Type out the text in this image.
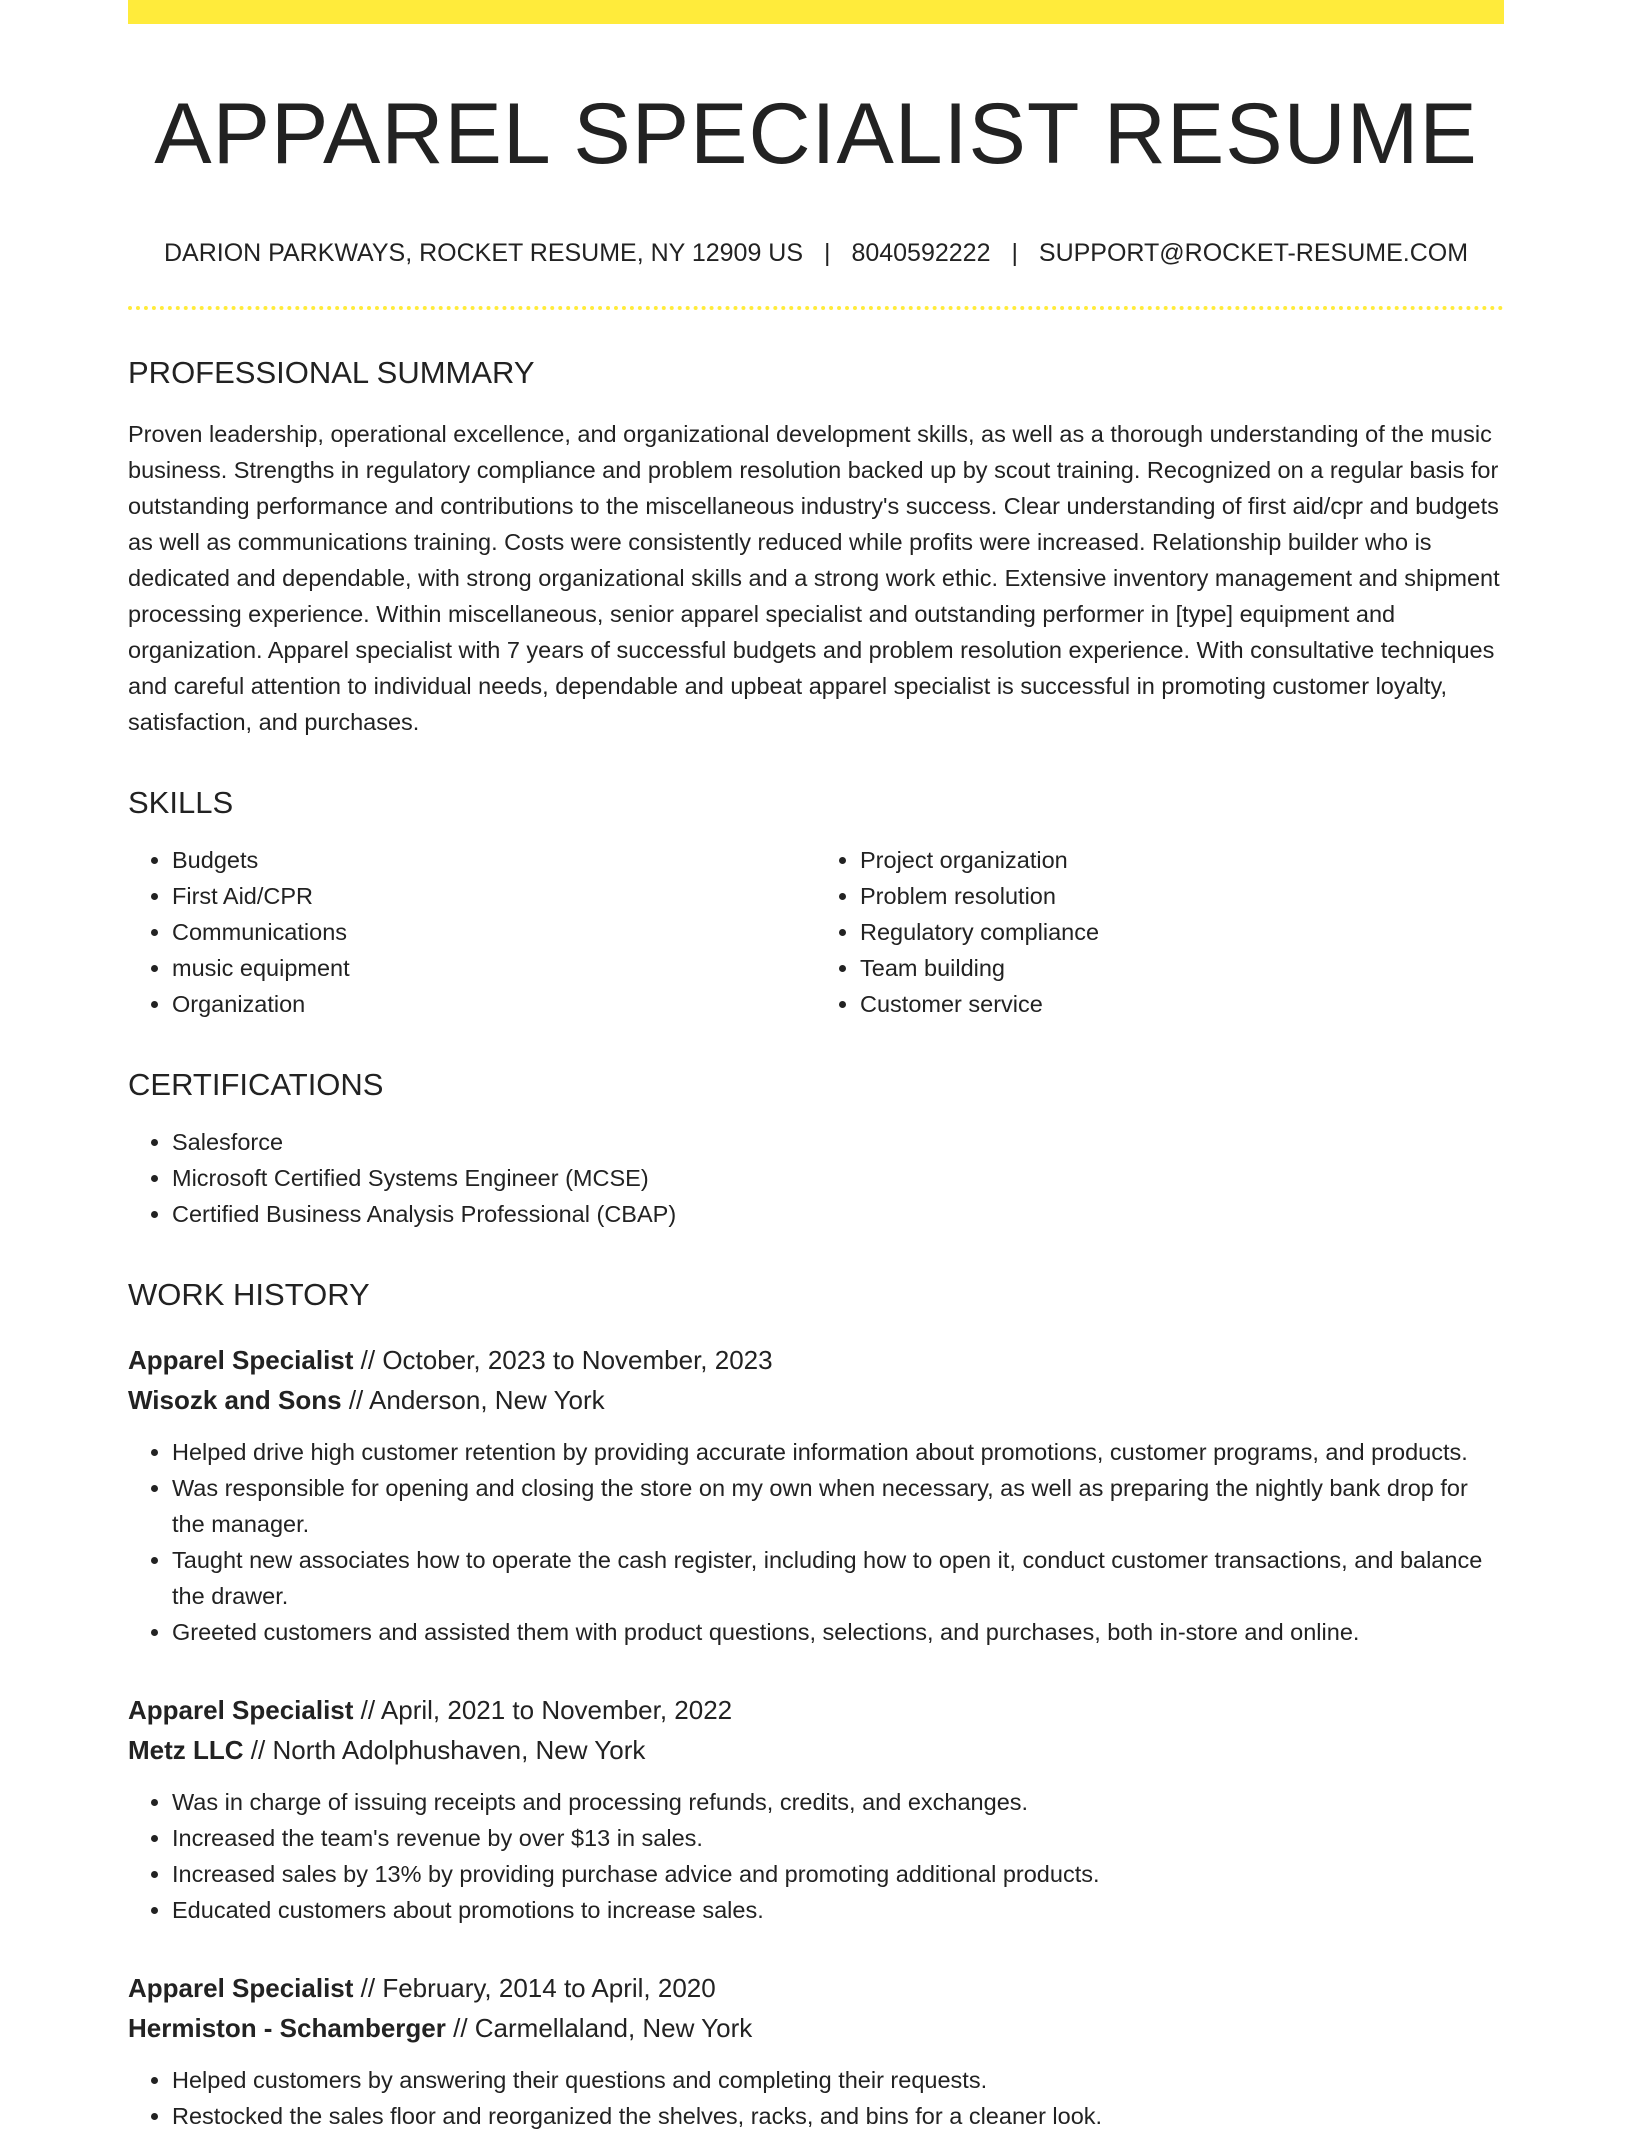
APPAREL SPECIALIST RESUME
DARION PARKWAYS, ROCKET RESUME, NY 12909 US | 8040592222 | SUPPORT@ROCKET-RESUME.COM
PROFESSIONAL SUMMARY

Proven leadership, operational excellence, and organizational development skills, as well as a thorough understanding of the music business. Strengths in regulatory compliance and problem resolution backed up by scout training. Recognized on a regular basis for outstanding performance and contributions to the miscellaneous industry's success. Clear understanding of first aid/cpr and budgets as well as communications training. Costs were consistently reduced while profits were increased. Relationship builder who is dedicated and dependable, with strong organizational skills and a strong work ethic. Extensive inventory management and shipment processing experience. Within miscellaneous, senior apparel specialist and outstanding performer in [type] equipment and organization. Apparel specialist with 7 years of successful budgets and problem resolution experience. With consultative techniques and careful attention to individual needs, dependable and upbeat apparel specialist is successful in promoting customer loyalty, satisfaction, and purchases.

SKILLS
• Budgets
• First Aid/CPR
• Communications
• music equipment
• Organization
• Project organization
• Problem resolution
• Regulatory compliance
• Team building
• Customer service
CERTIFICATIONS
• Salesforce
• Microsoft Certified Systems Engineer (MCSE)
• Certified Business Analysis Professional (CBAP)
WORK HISTORY
Apparel Specialist // October, 2023 to November, 2023
Wisozk and Sons // Anderson, New York
• Helped drive high customer retention by providing accurate information about promotions, customer programs, and products.
• Was responsible for opening and closing the store on my own when necessary, as well as preparing the nightly bank drop for the manager.
• Taught new associates how to operate the cash register, including how to open it, conduct customer transactions, and balance the drawer.
• Greeted customers and assisted them with product questions, selections, and purchases, both in-store and online.
Apparel Specialist // April, 2021 to November, 2022
Metz LLC // North Adolphushaven, New York
• Was in charge of issuing receipts and processing refunds, credits, and exchanges.
• Increased the team's revenue by over $13 in sales.
• Increased sales by 13% by providing purchase advice and promoting additional products.
• Educated customers about promotions to increase sales.
Apparel Specialist // February, 2014 to April, 2020
Hermiston - Schamberger // Carmellaland, New York
• Helped customers by answering their questions and completing their requests.
• Restocked the sales floor and reorganized the shelves, racks, and bins for a cleaner look.
